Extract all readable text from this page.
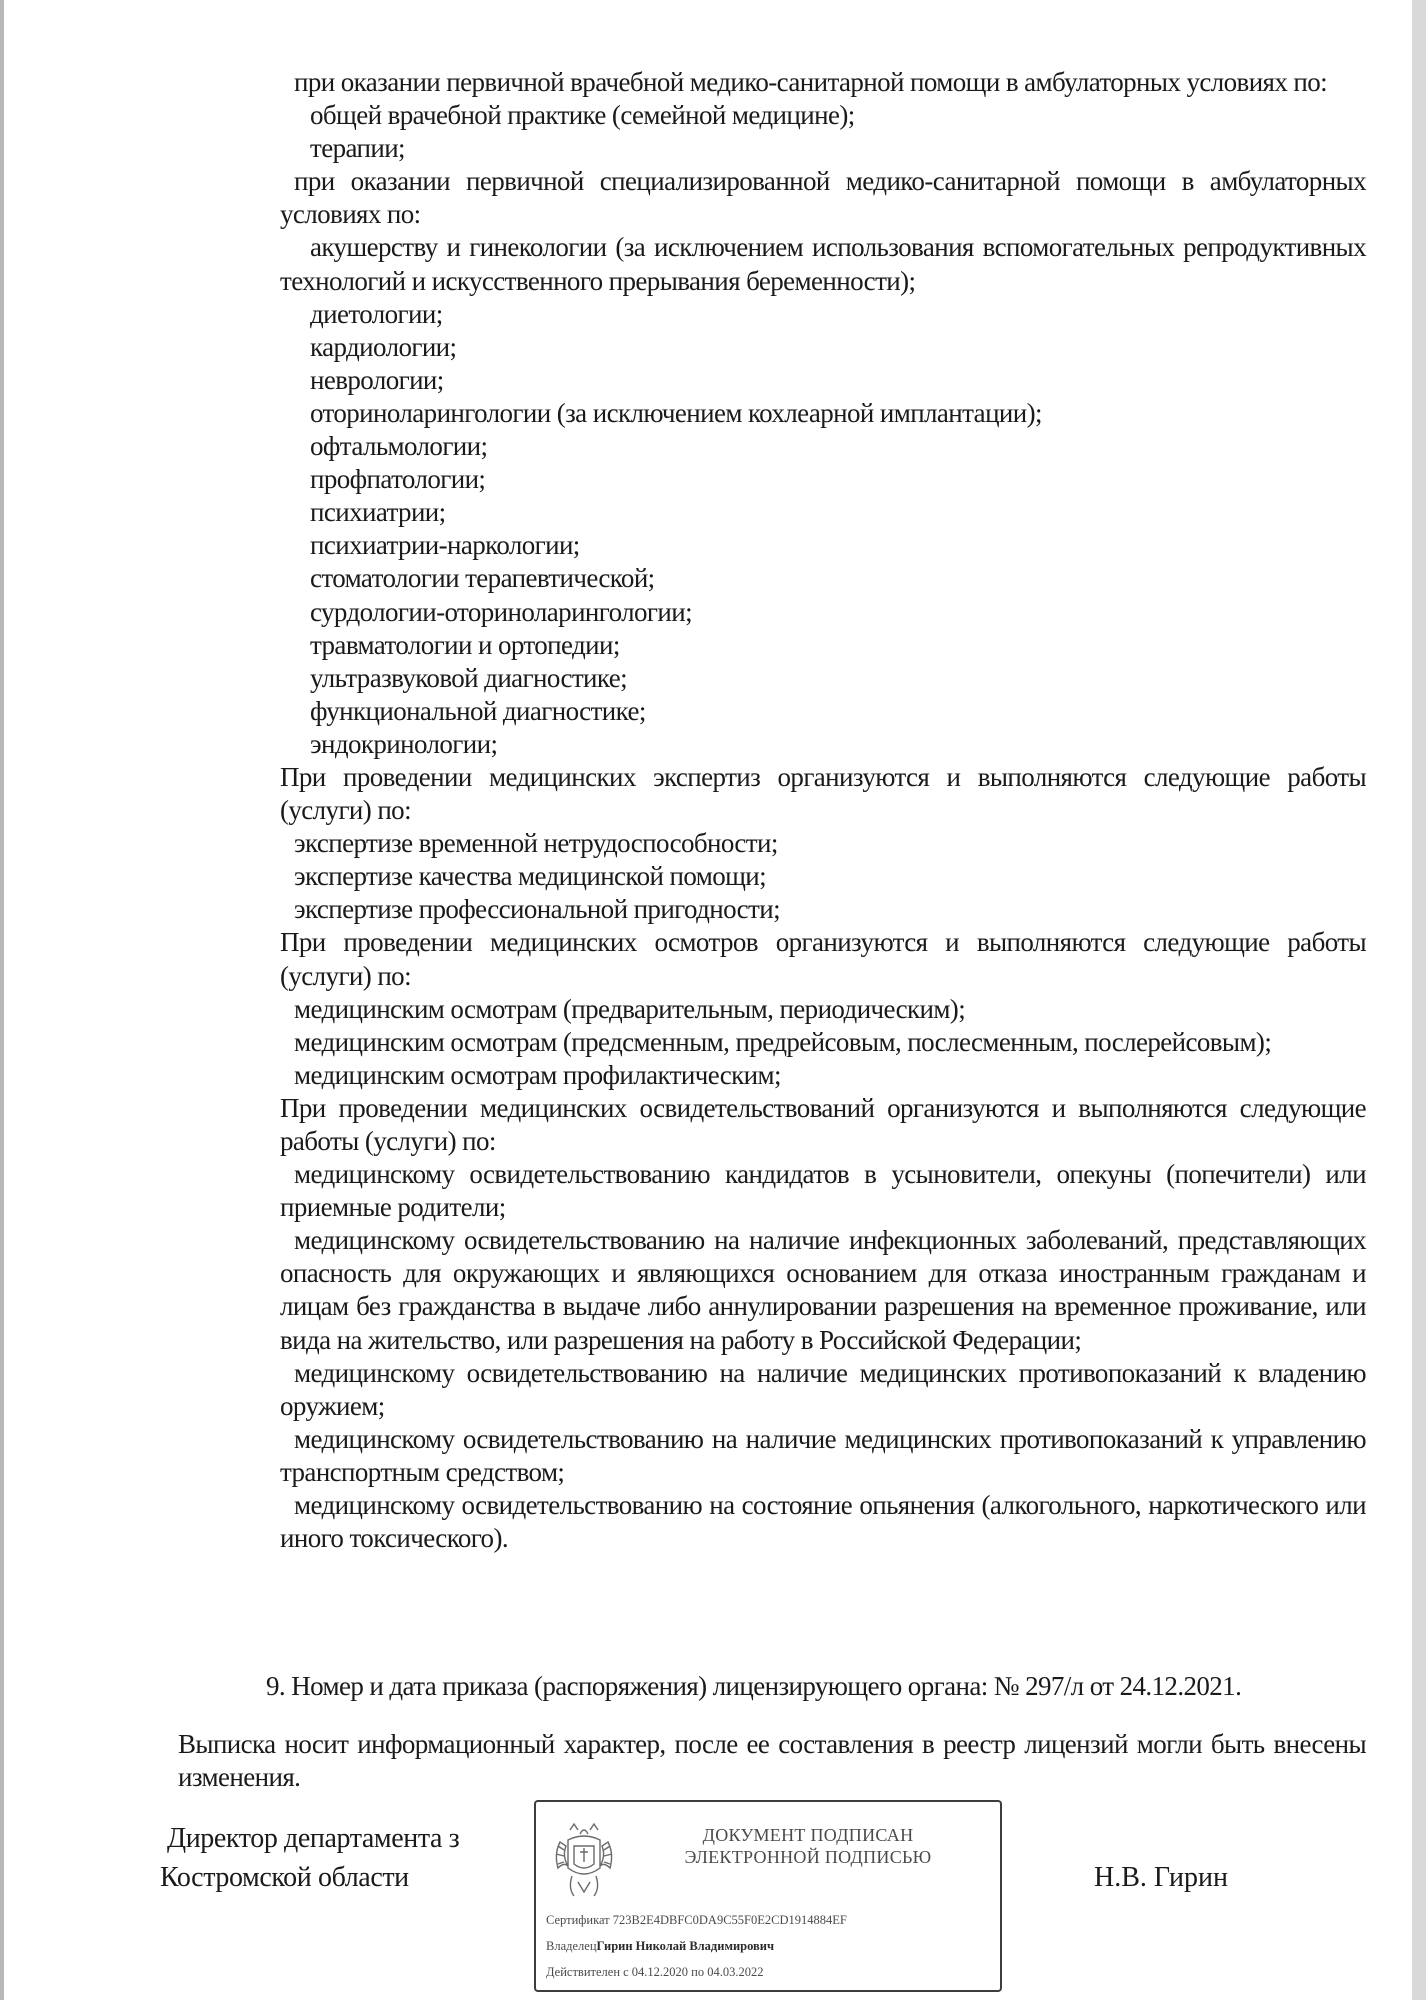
при оказании первичной врачебной медико-санитарной помощи в амбулаторных условиях по:

общей врачебной практике (семейной медицине);

терапии;

при оказании первичной специализированной медико-санитарной помощи в амбулаторных условиях по:

акушерству и гинекологии (за исключением использования вспомогательных репродуктивных технологий и искусственного прерывания беременности);

диетологии;

кардиологии;

неврологии;

оториноларингологии (за исключением кохлеарной имплантации);

офтальмологии;

профпатологии;

психиатрии;

психиатрии-наркологии;

стоматологии терапевтической;

сурдологии-оториноларингологии;

травматологии и ортопедии;

ультразвуковой диагностике;

функциональной диагностике;

эндокринологии;

При проведении медицинских экспертиз организуются и выполняются следующие работы (услуги) по:

экспертизе временной нетрудоспособности;

экспертизе качества медицинской помощи;

экспертизе профессиональной пригодности;

При проведении медицинских осмотров организуются и выполняются следующие работы (услуги) по:

медицинским осмотрам (предварительным, периодическим);

медицинским осмотрам (предсменным, предрейсовым, послесменным, послерейсовым);

медицинским осмотрам профилактическим;

При проведении медицинских освидетельствований организуются и выполняются следующие работы (услуги) по:

медицинскому освидетельствованию кандидатов в усыновители, опекуны (попечители) или приемные родители;

медицинскому освидетельствованию на наличие инфекционных заболеваний, представляющих опасность для окружающих и являющихся основанием для отказа иностранным гражданам и лицам без гражданства в выдаче либо аннулировании разрешения на временное проживание, или вида на жительство, или разрешения на работу в Российской Федерации;

медицинскому освидетельствованию на наличие медицинских противопоказаний к владению оружием;

медицинскому освидетельствованию на наличие медицинских противопоказаний к управлению транспортным средством;

медицинскому освидетельствованию на состояние опьянения (алкогольного, наркотического или иного токсического).

9. Номер и дата приказа (распоряжения) лицензирующего органа: № 297/л от 24.12.2021.

Выписка носит информационный характер, после ее составления в реестр лицензий могли быть внесены изменения.

Директор департамента з
Костромской области	Н.В. Гирин
ДОКУМЕНТ ПОДПИСАН
ЭЛЕКТРОННОЙ ПОДПИСЬЮ
Сертификат 723B2E4DBFC0DA9C55F0E2CD1914884EF
ВладелецГирин Николай Владимирович
Действителен с 04.12.2020 по 04.03.2022
